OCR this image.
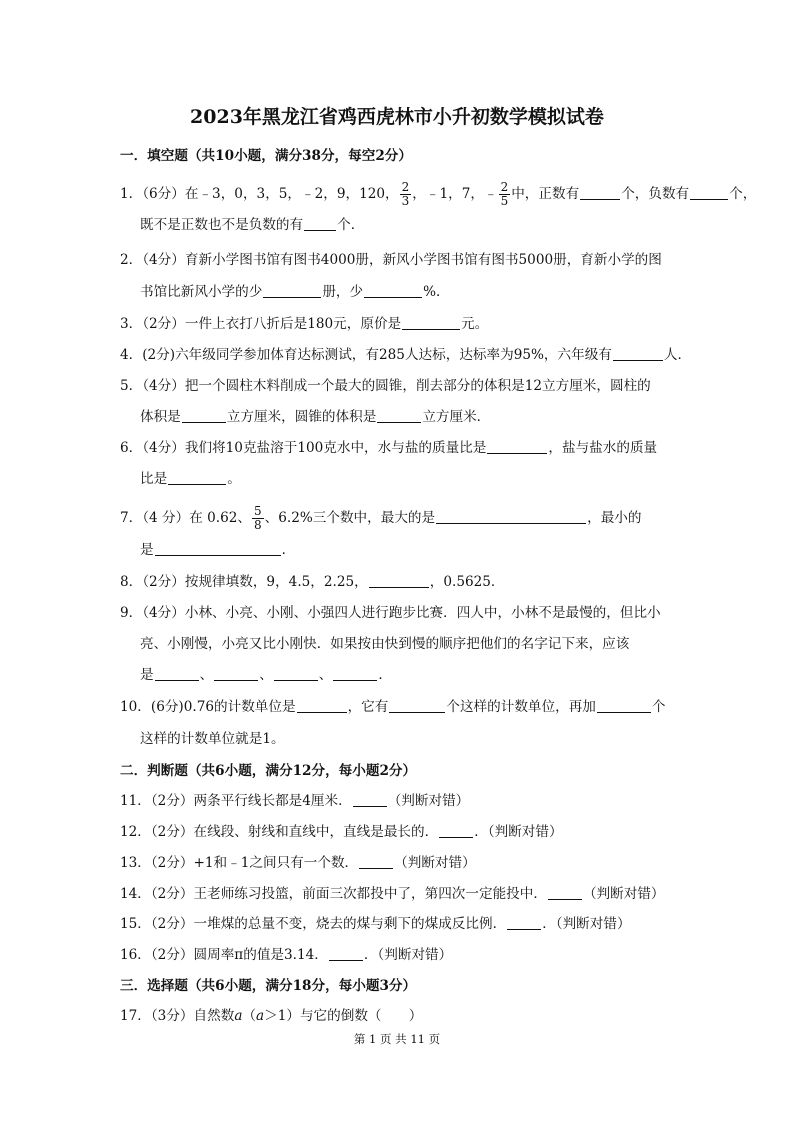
2023年黑龙江省鸡西虎林市小升初数学模拟试卷
一．填空题（共10小题，满分38分，每空2分）
1．（6分）在﹣3，0，3，5，﹣2，9，120， $\frac{2}{3}$ ，﹣1，7，﹣ $\frac{2}{5}$ 中，正数有	个，负数有	个，
既不是正数也不是负数的有	个．
2．（4分）育新小学图书馆有图书4000册，新风小学图书馆有图书5000册，育新小学的图
书馆比新风小学的少	册，少	%．
3．（2分）一件上衣打八折后是180元，原价是	元。
4．(2分)六年级同学参加体育达标测试，有285人达标，达标率为95%，六年级有	人．
5．（4分）把一个圆柱木料削成一个最大的圆锥，削去部分的体积是12立方厘米，圆柱的
体积是	立方厘米，圆锥的体积是	立方厘米．
6．（4分）我们将10克盐溶于100克水中，水与盐的质量比是	，盐与盐水的质量
比是	。
7．（4 分）在 0.62、 $\frac{5}{8}$ 、6.2%三个数中，最大的是	，最小的
是	．
8．（2分）按规律填数，9，4.5，2.25，	，0.5625．
9．（4分）小林、小亮、小刚、小强四人进行跑步比赛．四人中，小林不是最慢的，但比小
亮、小刚慢，小亮又比小刚快．如果按由快到慢的顺序把他们的名字记下来，应该
是	、	、	、	．
10．(6分)0.76的计数单位是	，它有	个这样的计数单位，再加	个
这样的计数单位就是1。
二．判断题（共6小题，满分12分，每小题2分）
11．（2分）两条平行线长都是4厘米．	（判断对错）
12．（2分）在线段、射线和直线中，直线是最长的．	．（判断对错）
13．（2分）+1和﹣1之间只有一个数．	（判断对错）
14．（2分）王老师练习投篮，前面三次都投中了，第四次一定能投中．	（判断对错）
15．（2分）一堆煤的总量不变，烧去的煤与剩下的煤成反比例．	．（判断对错）
16．（2分）圆周率π的值是3.14．	．（判断对错）
三．选择题（共6小题，满分18分，每小题3分）
17．（3分）自然数a（a＞1）与它的倒数（　　）
第 1 页 共 11 页
